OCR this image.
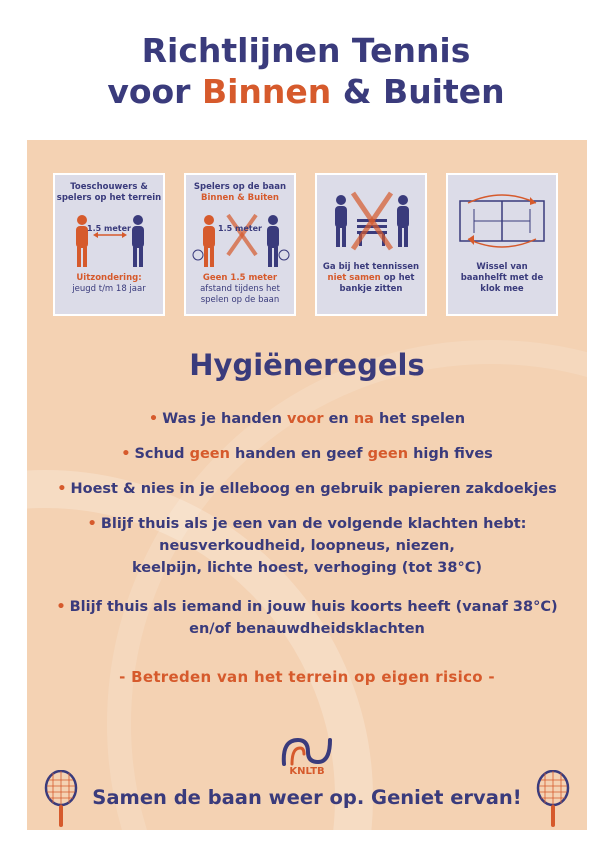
Richtlijnen Tennis
voor Binnen & Buiten
Toeschouwers & spelers op het terrein
1.5 meter
Uitzondering:
jeugd t/m 18 jaar
Spelers op de baan
Binnen & Buiten
1.5 meter
Geen 1.5 meter
afstand tijdens het spelen op de baan
Ga bij het tennissen
niet samen op het bankje zitten
Wissel van baanhelft met de klok mee
Hygiëneregels
• Was je handen voor en na het spelen
• Schud geen handen en geef geen high fives
• Hoest & nies in je elleboog en gebruik papieren zakdoekjes
• Blijf thuis als je een van de volgende klachten hebt:
neusverkoudheid, loopneus, niezen,
keelpijn, lichte hoest, verhoging (tot 38°C)
• Blijf thuis als iemand in jouw huis koorts heeft (vanaf 38°C)
en/of benauwdheidsklachten
- Betreden van het terrein op eigen risico -
KNLTB
Samen de baan weer op. Geniet ervan!
